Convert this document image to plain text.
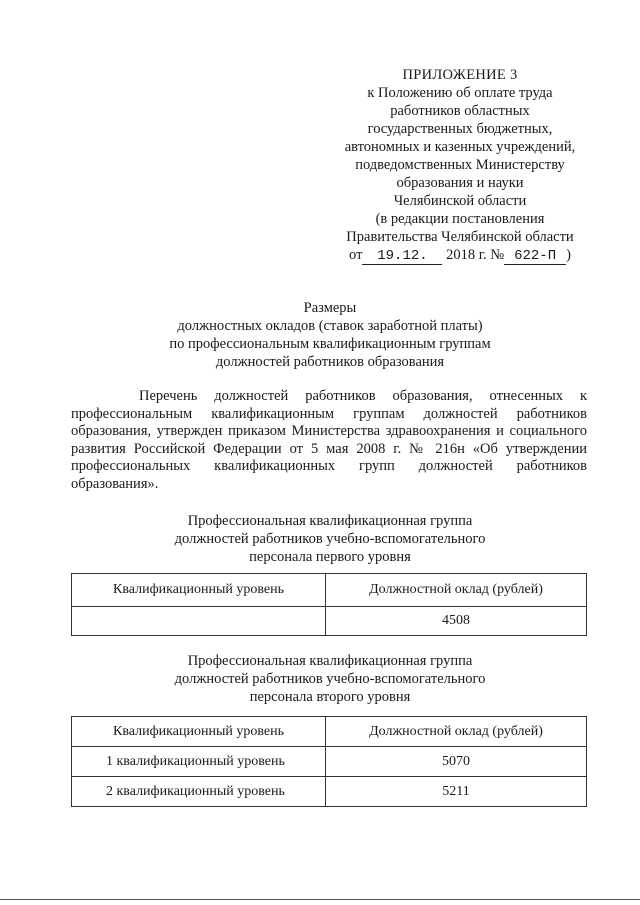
ПРИЛОЖЕНИЕ 3
к Положению об оплате труда
работников областных
государственных бюджетных,
автономных и казенных учреждений,
подведомственных Министерству
образования и науки
Челябинской области
(в редакции постановления
Правительства Челябинской области
от 19.12. 2018 г. № 622-П )
Размеры
должностных окладов (ставок заработной платы)
по профессиональным квалификационным группам
должностей работников образования
Перечень должностей работников образования, отнесенных к профессиональным квалификационным группам должностей работников образования, утвержден приказом Министерства здравоохранения и социального развития Российской Федерации от 5 мая 2008 г. № 216н «Об утверждении профессиональных квалификационных групп должностей работников образования».
Профессиональная квалификационная группа
должностей работников учебно-вспомогательного
персонала первого уровня
Квалификационный уровень	Должностной оклад (рублей)
	4508
Профессиональная квалификационная группа
должностей работников учебно-вспомогательного
персонала второго уровня
Квалификационный уровень	Должностной оклад (рублей)
1 квалификационный уровень	5070
2 квалификационный уровень	5211
